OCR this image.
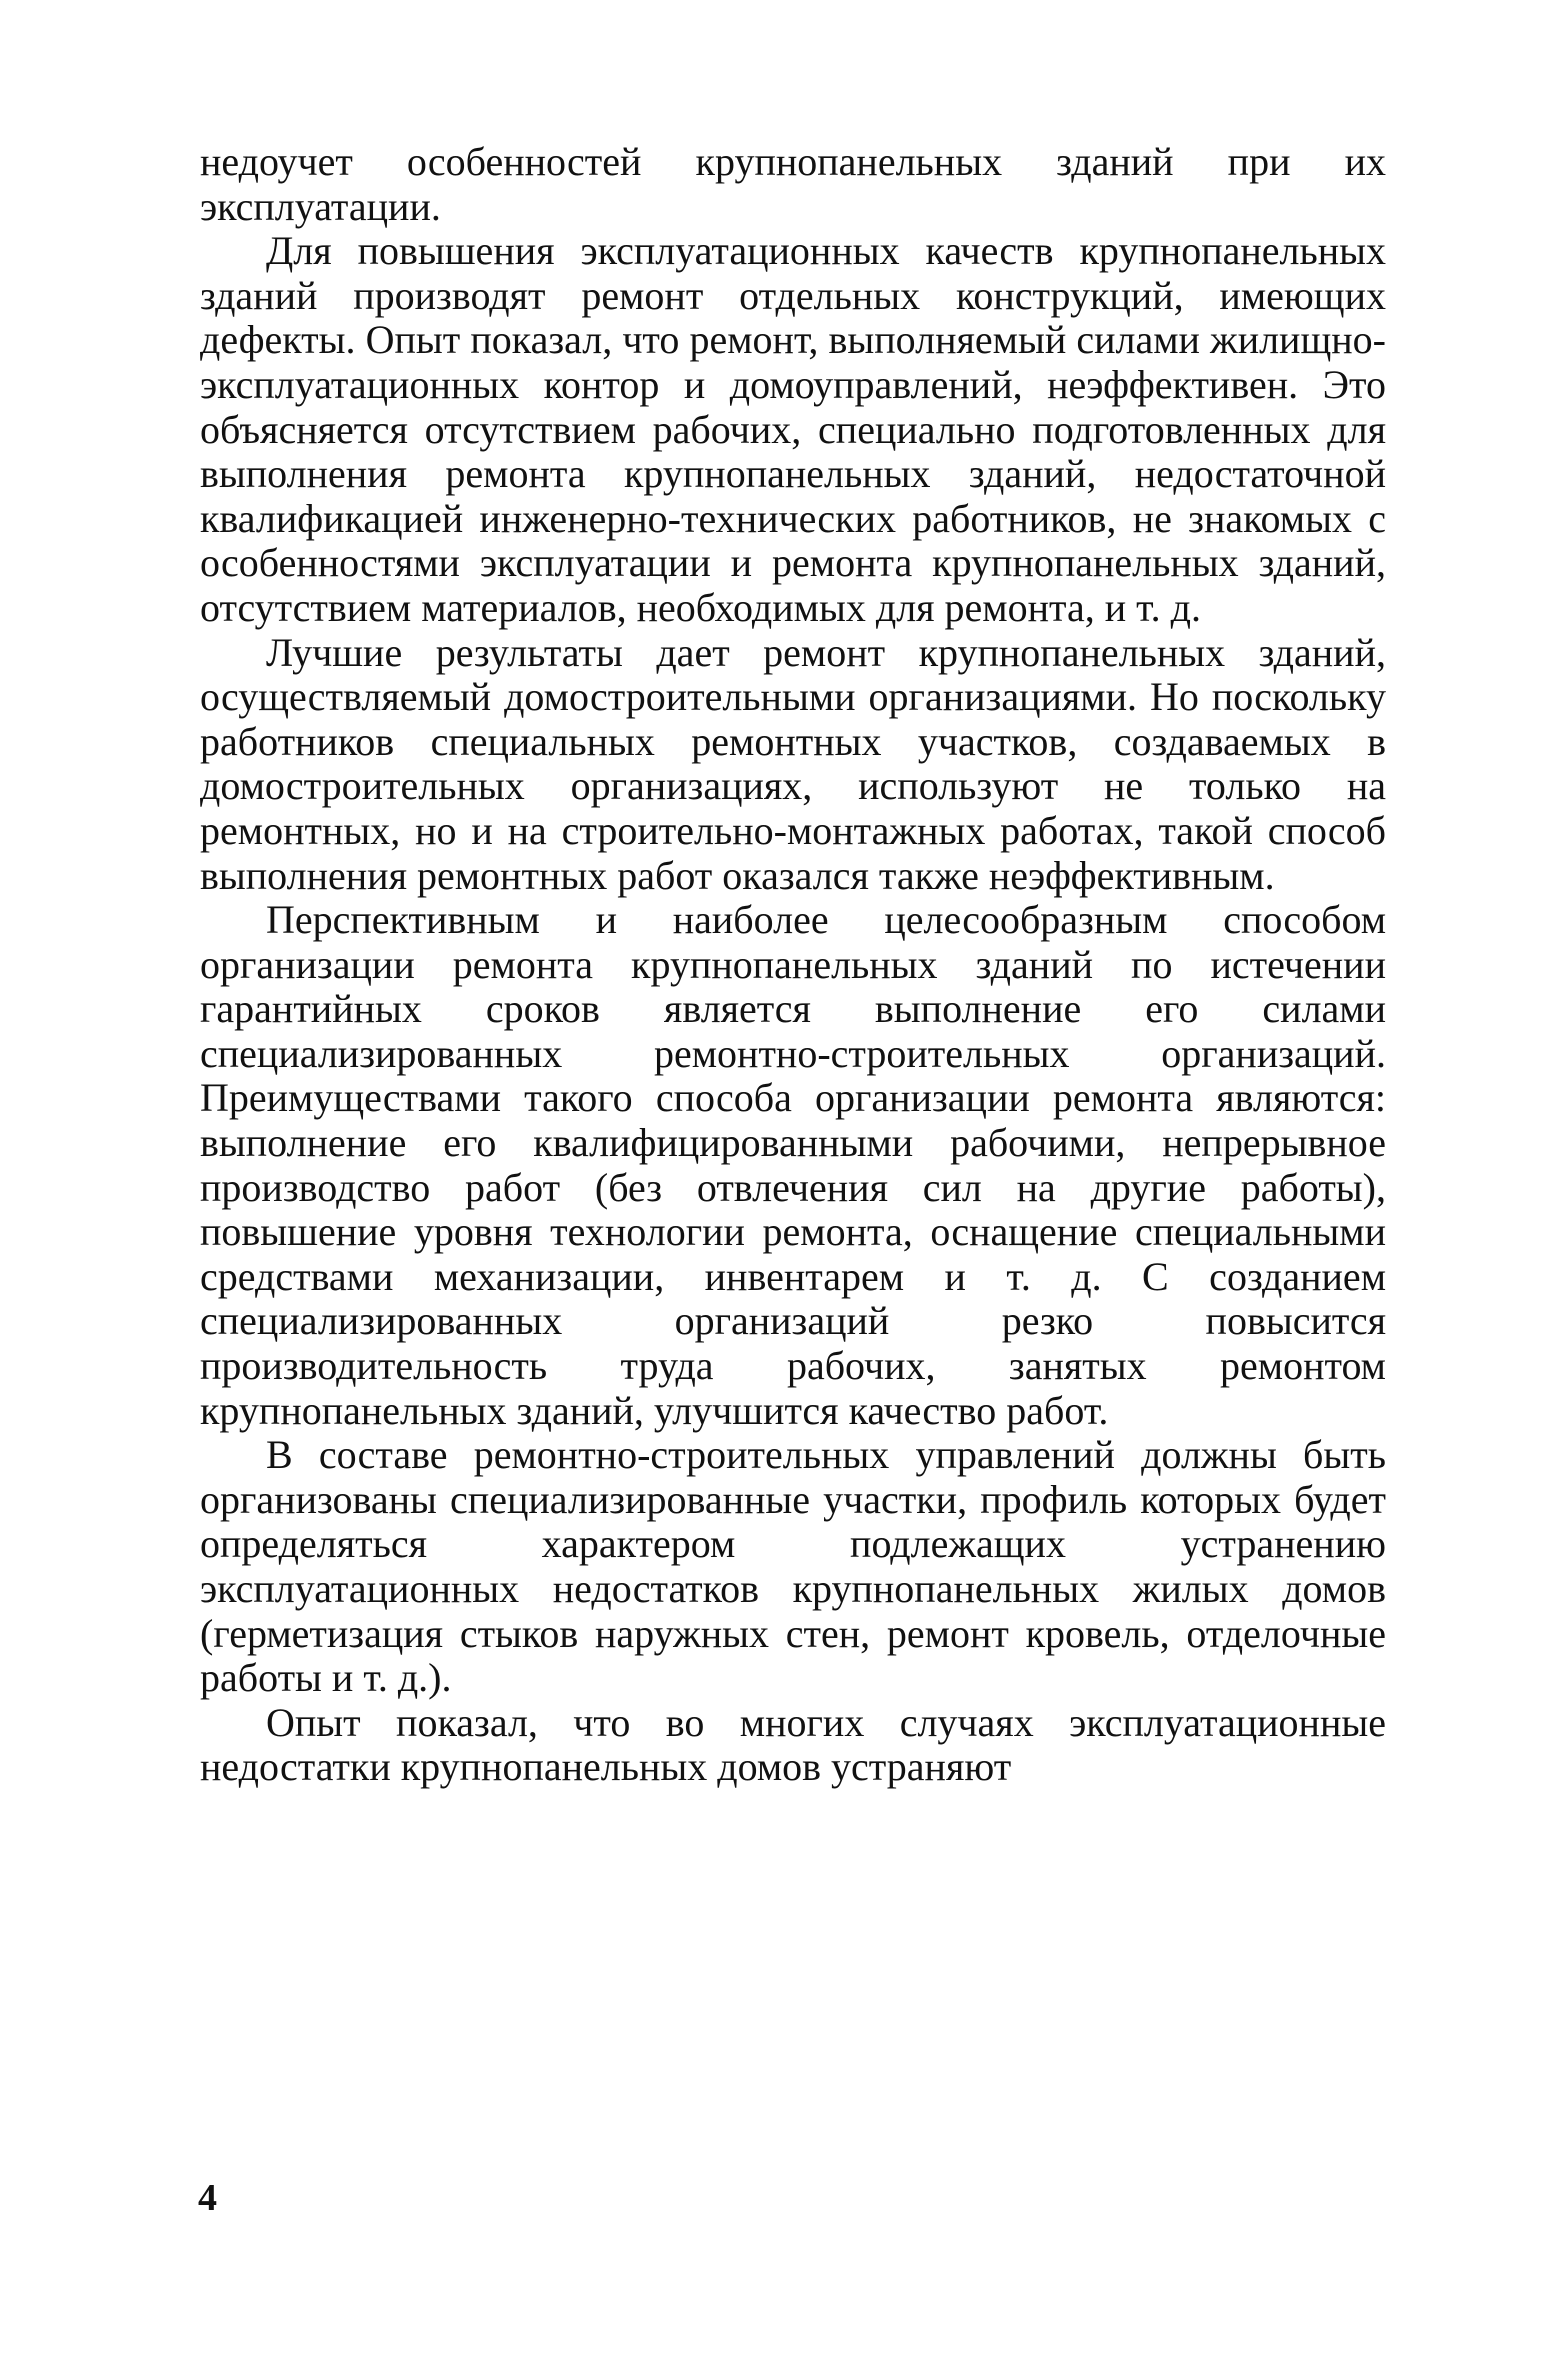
недоучет особенностей крупнопанельных зданий при их эксплуатации.

Для повышения эксплуатационных качеств крупнопанельных зданий производят ремонт отдельных конструкций, имеющих дефекты. Опыт показал, что ремонт, выполняемый силами жилищно-эксплуатационных контор и домоуправлений, неэффективен. Это объясняется отсутствием рабочих, специально подготовленных для выполнения ремонта крупнопанельных зданий, недостаточной квалификацией инженерно-технических работников, не знакомых с особенностями эксплуатации и ремонта крупнопанельных зданий, отсутствием материалов, необходимых для ремонта, и т. д.

Лучшие результаты дает ремонт крупнопанельных зданий, осуществляемый домостроительными организациями. Но поскольку работников специальных ремонтных участков, создаваемых в домостроительных организациях, используют не только на ремонтных, но и на строительно-монтажных работах, такой способ выполнения ремонтных работ оказался также неэффективным.

Перспективным и наиболее целесообразным способом организации ремонта крупнопанельных зданий по истечении гарантийных сроков является выполнение его силами специализированных ремонтно-строительных организаций. Преимуществами такого способа организации ремонта являются: выполнение его квалифицированными рабочими, непрерывное производство работ (без отвлечения сил на другие работы), повышение уровня технологии ремонта, оснащение специальными средствами механизации, инвентарем и т. д. С созданием специализированных организаций резко повысится производительность труда рабочих, занятых ремонтом крупнопанельных зданий, улучшится качество работ.

В составе ремонтно-строительных управлений должны быть организованы специализированные участки, профиль которых будет определяться характером подлежащих устранению эксплуатационных недостатков крупнопанельных жилых домов (герметизация стыков наружных стен, ремонт кровель, отделочные работы и т. д.).

Опыт показал, что во многих случаях эксплуатационные недостатки крупнопанельных домов устраняют

4
